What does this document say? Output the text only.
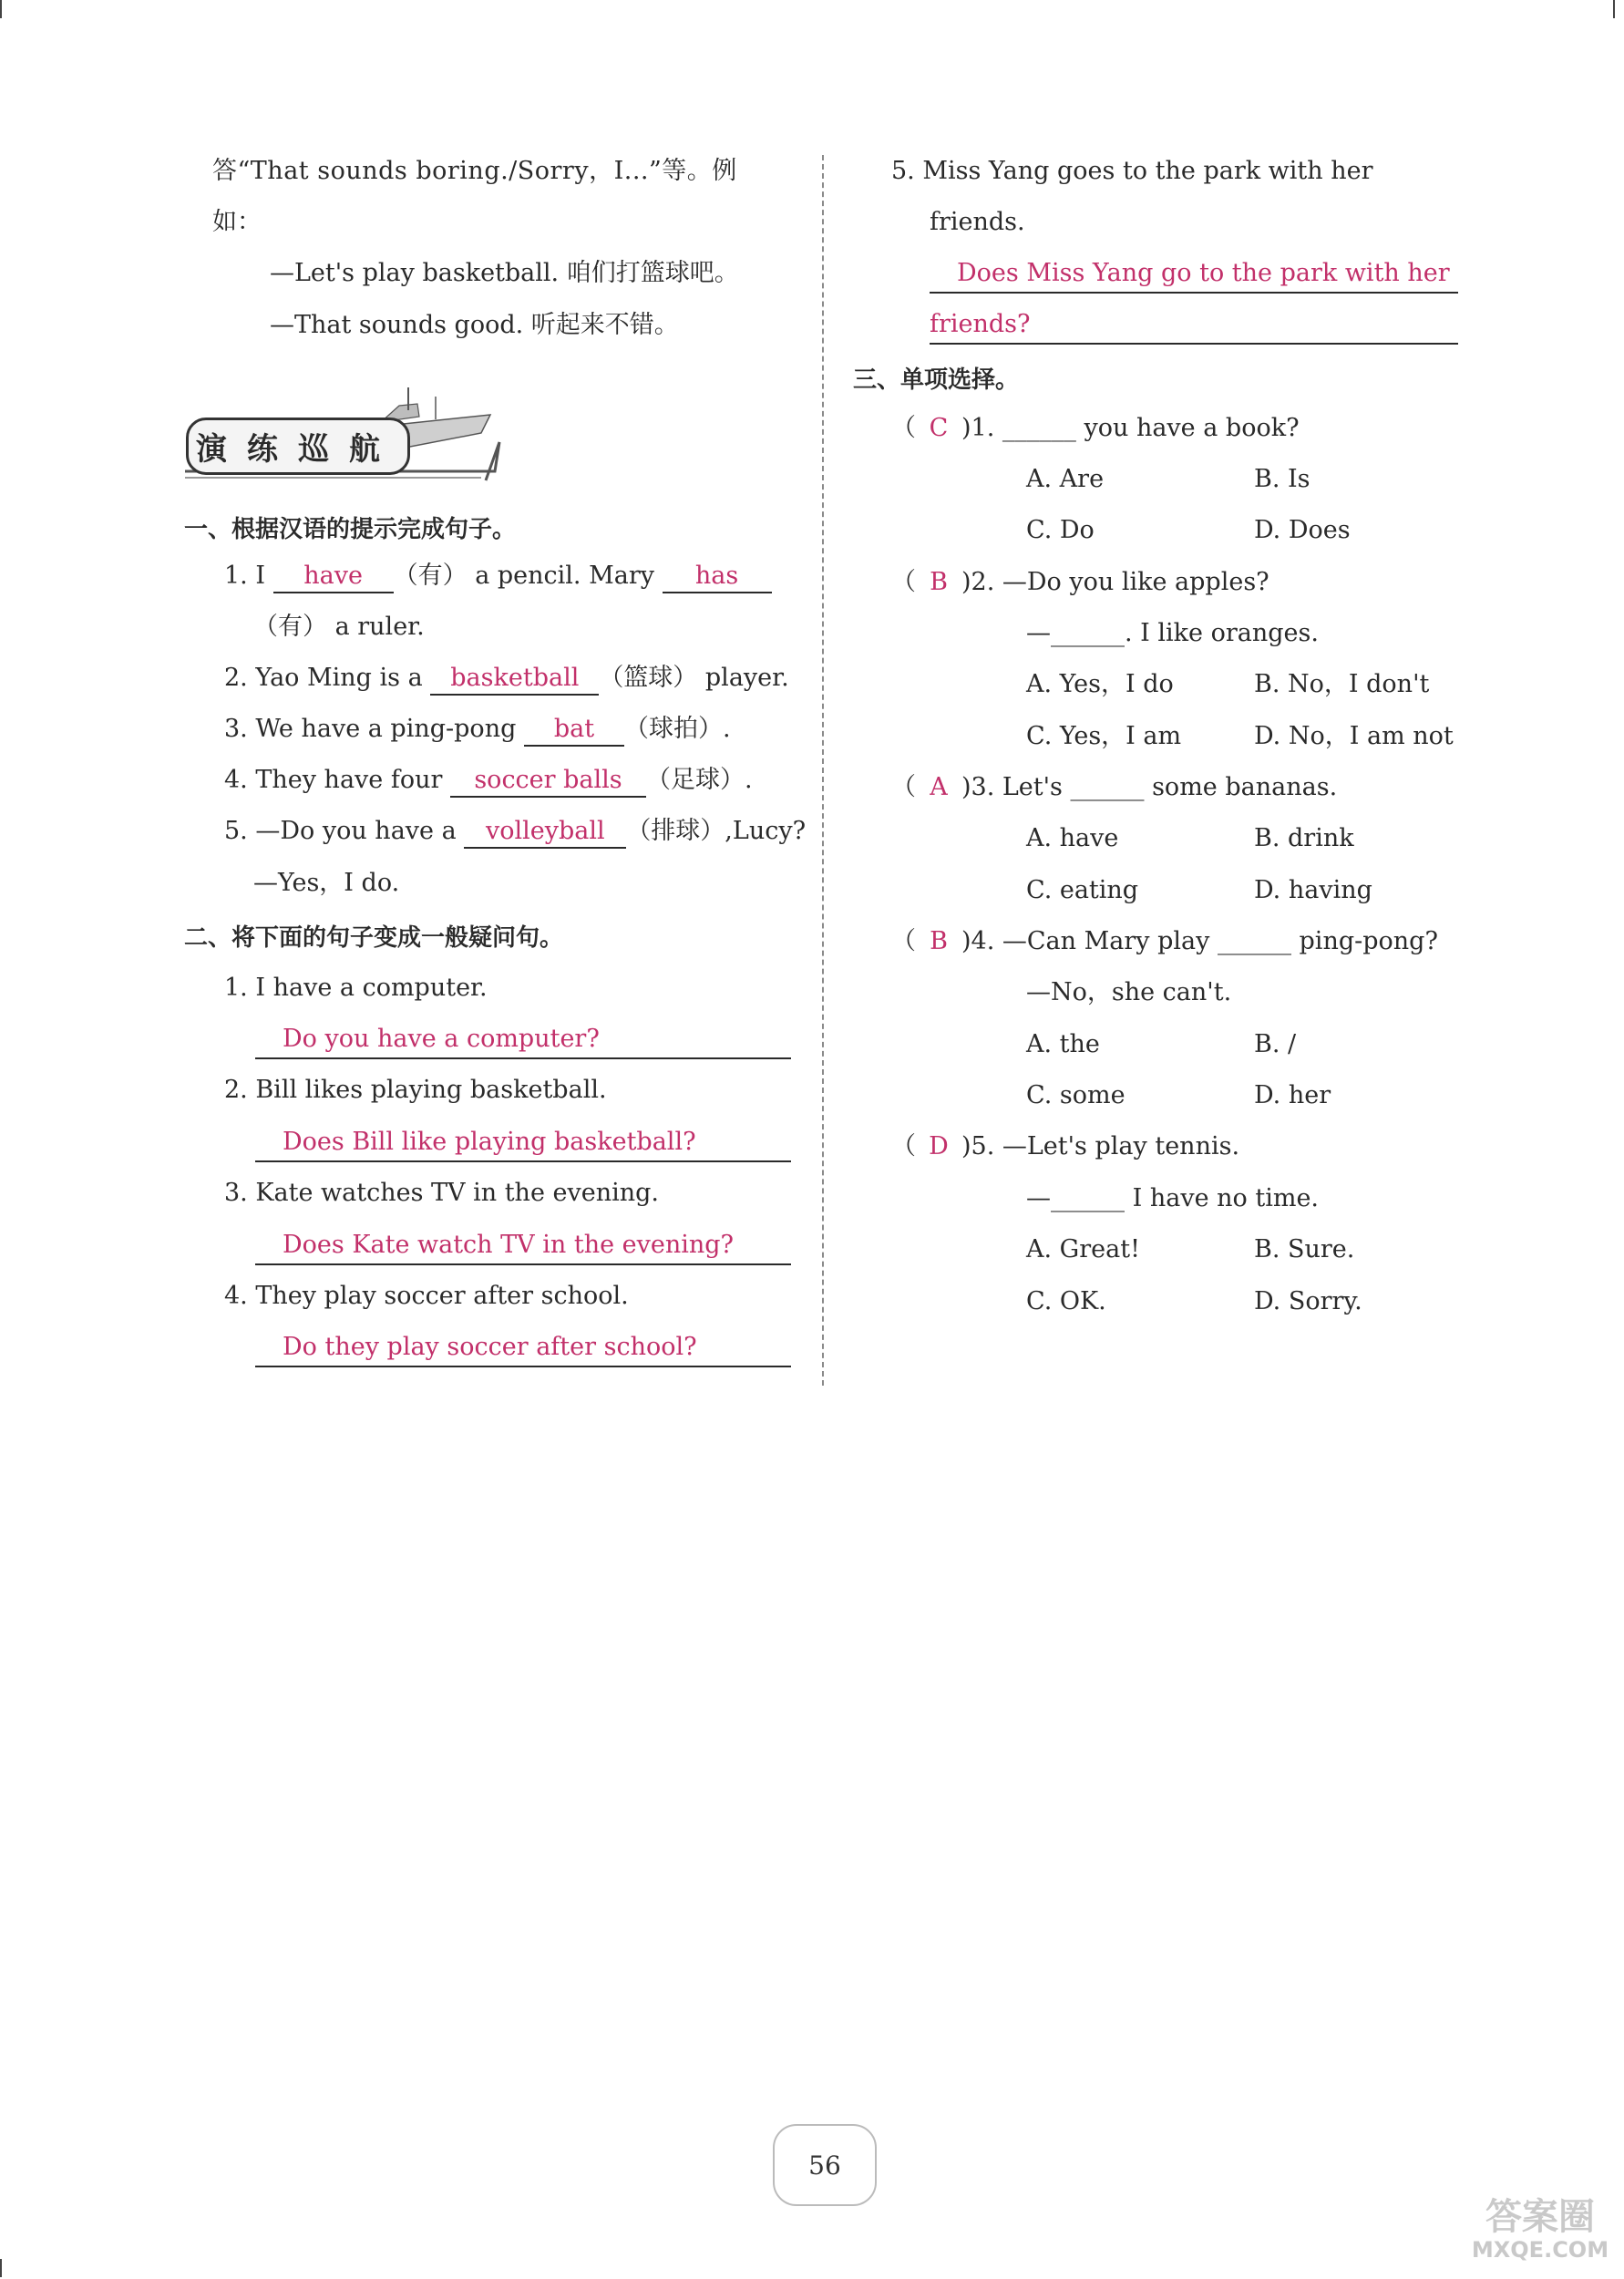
答“That sounds boring./Sorry，I...”等。例
如：
—Let's play basketball. 咱们打篮球吧。
—That sounds good. 听起来不错。
演练巡航
一、根据汉语的提示完成句子。
1. I have （有） a pencil. Mary has
（有） a ruler.
2. Yao Ming is a basketball （篮球） player.
3. We have a ping-pong bat （球拍）.
4. They have four soccer balls （足球）.
5. —Do you have a volleyball （排球）,Lucy?
—Yes，I do.
二、将下面的句子变成一般疑问句。
1. I have a computer.
Do you have a computer?
2. Bill likes playing basketball.
Does Bill like playing basketball?
3. Kate watches TV in the evening.
Does Kate watch TV in the evening?
4. They play soccer after school.
Do they play soccer after school?
5. Miss Yang goes to the park with her
friends.
Does Miss Yang go to the park with her
friends?
三、单项选择。
（ C )1. ______ you have a book?
A. Are	B. Is
C. Do	D. Does
（ B )2. —Do you like apples?
—______. I like oranges.
A. Yes，I do	B. No，I don't
C. Yes，I am	D. No，I am not
（ A )3. Let's ______ some bananas.
A. have	B. drink
C. eating	D. having
（ B )4. —Can Mary play ______ ping-pong?
—No，she can't.
A. the	B. /
C. some	D. her
（ D )5. —Let's play tennis.
—______ I have no time.
A. Great!	B. Sure.
C. OK.	D. Sorry.
56
答案圈
MXQE.COM
